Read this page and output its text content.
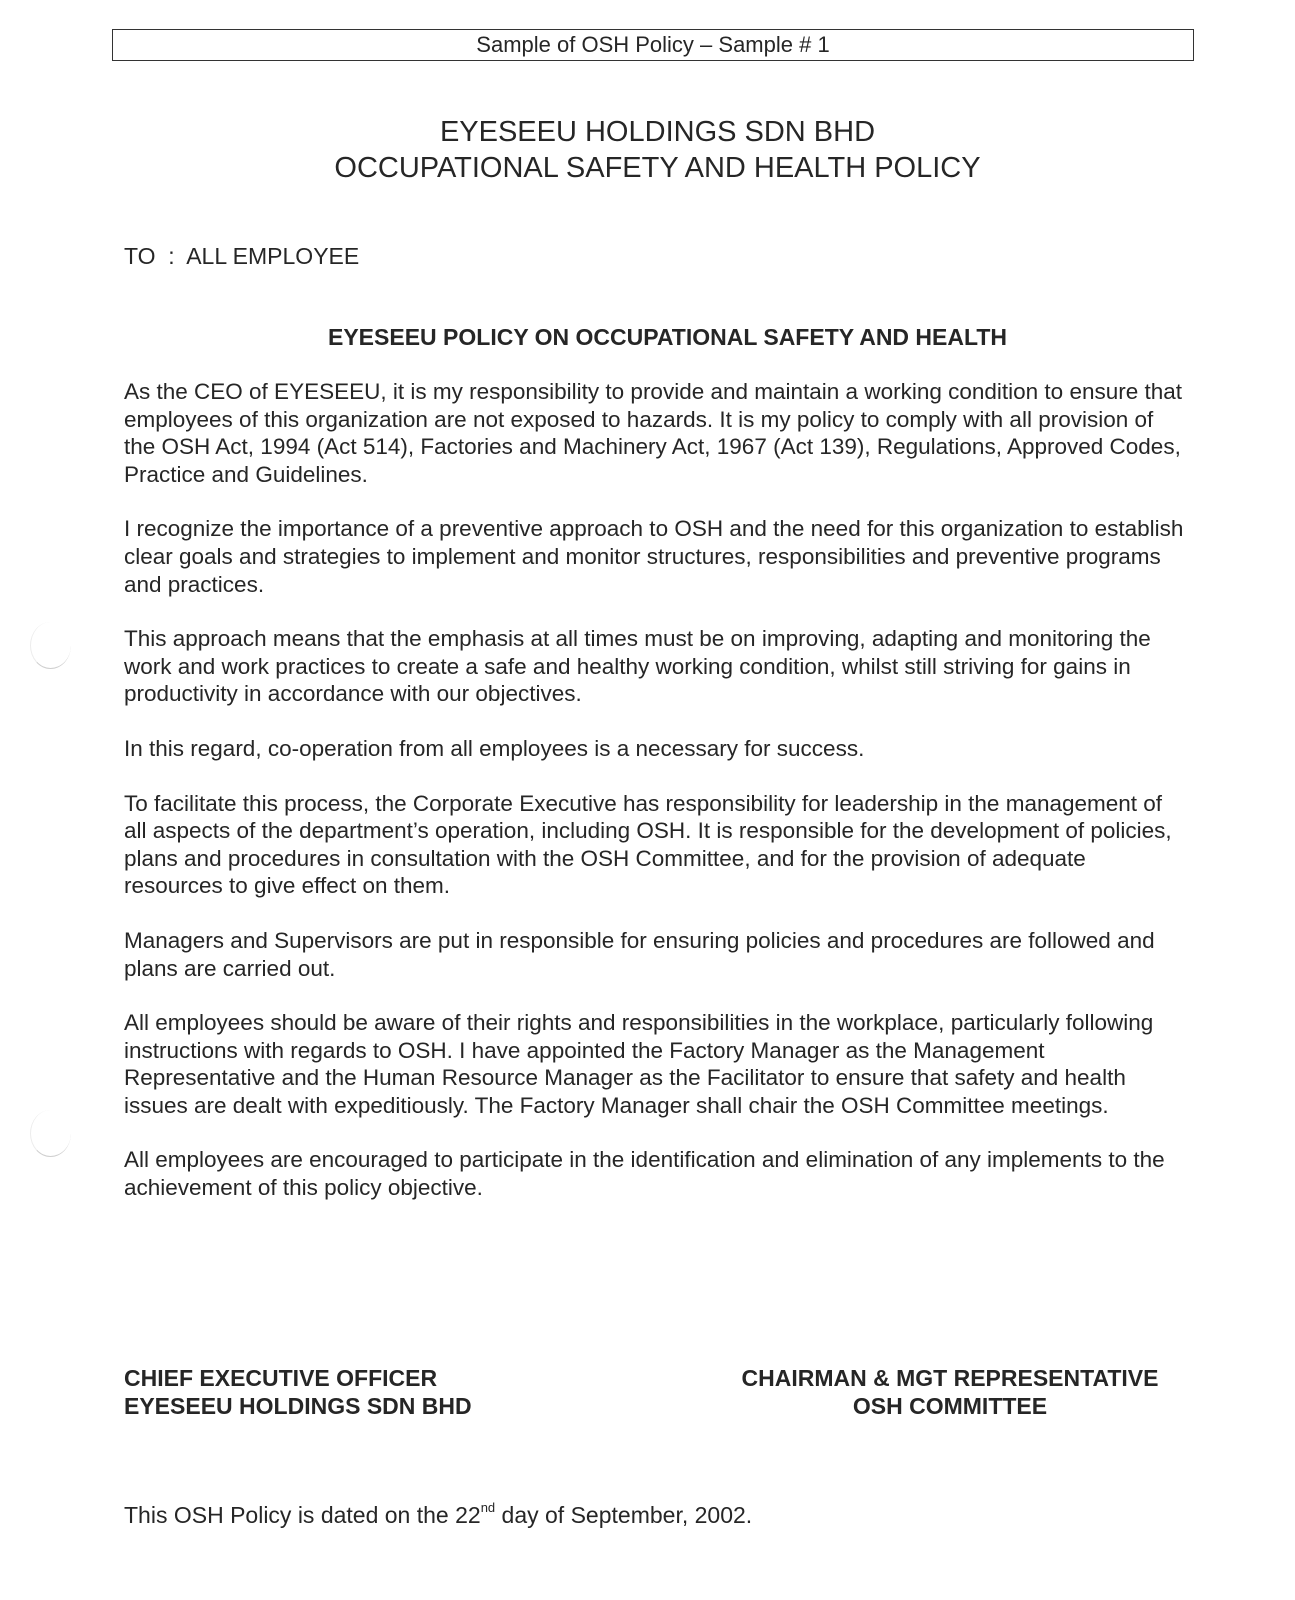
Sample of OSH Policy – Sample # 1
EYESEEU HOLDINGS SDN BHD
OCCUPATIONAL SAFETY AND HEALTH POLICY
TO  :  ALL EMPLOYEE
EYESEEU POLICY ON OCCUPATIONAL SAFETY AND HEALTH

As the CEO of EYESEEU, it is my responsibility to provide and maintain a working condition to ensure that employees of this organization are not exposed to hazards. It is my policy to comply with all provision of the OSH Act, 1994 (Act 514), Factories and Machinery Act, 1967 (Act 139), Regulations, Approved Codes, Practice and Guidelines.

I recognize the importance of a preventive approach to OSH and the need for this organization to establish clear goals and strategies to implement and monitor structures, responsibilities and preventive programs and practices.

This approach means that the emphasis at all times must be on improving, adapting and monitoring the work and work practices to create a safe and healthy working condition, whilst still striving for gains in productivity in accordance with our objectives.

In this regard, co-operation from all employees is a necessary for success.

To facilitate this process, the Corporate Executive has responsibility for leadership in the management of all aspects of the department’s operation, including OSH. It is responsible for the development of policies, plans and procedures in consultation with the OSH Committee, and for the provision of adequate resources to give effect on them.

Managers and Supervisors are put in responsible for ensuring policies and procedures are followed and plans are carried out.

All employees should be aware of their rights and responsibilities in the workplace, particularly following instructions with regards to OSH. I have appointed the Factory Manager as the Management Representative and the Human Resource Manager as the Facilitator to ensure that safety and health issues are dealt with expeditiously. The Factory Manager shall chair the OSH Committee meetings.

All employees are encouraged to participate in the identification and elimination of any implements to the achievement of this policy objective.

CHIEF EXECUTIVE OFFICER
EYESEEU HOLDINGS SDN BHD
CHAIRMAN & MGT REPRESENTATIVE
OSH COMMITTEE
This OSH Policy is dated on the 22nd day of September, 2002.
